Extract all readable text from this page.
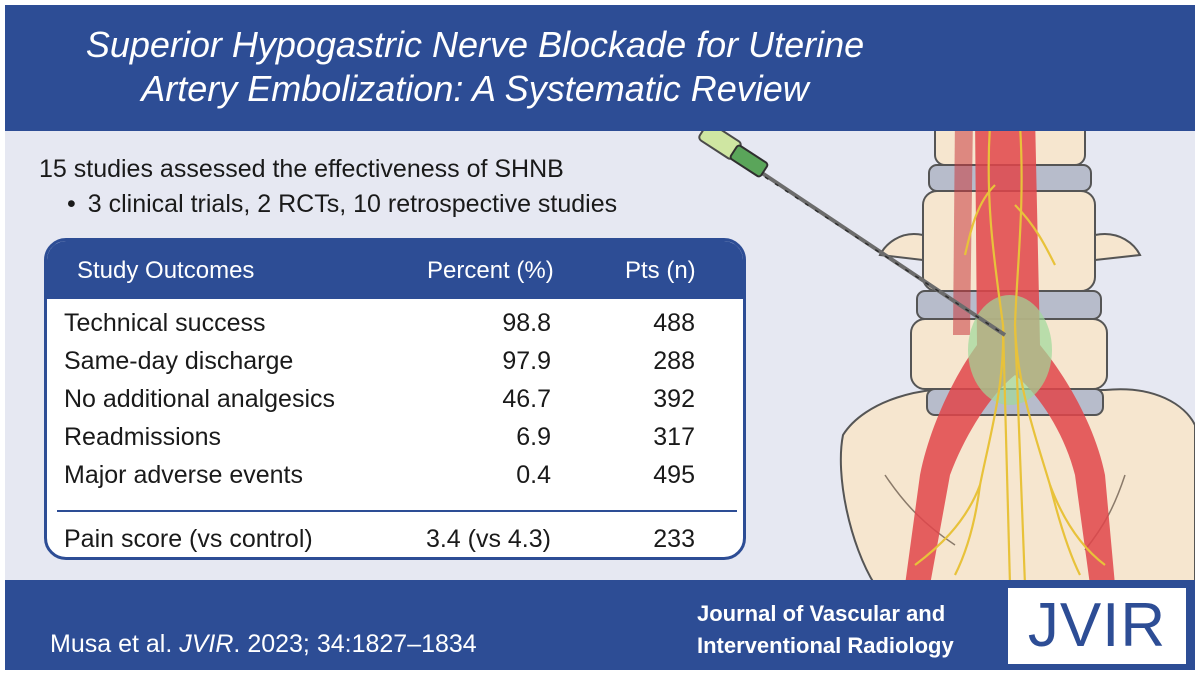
Superior Hypogastric Nerve Blockade for Uterine Artery Embolization: A Systematic Review
15 studies assessed the effectiveness of SHNB
• 3 clinical trials, 2 RCTs, 10 retrospective studies
Study Outcomes	Percent (%)	Pts (n)
Technical success	98.8	488
Same-day discharge	97.9	288
No additional analgesics	46.7	392
Readmissions	6.9	317
Major adverse events	0.4	495
Pain score (vs control)	3.4 (vs 4.3)	233
Musa et al. JVIR. 2023; 34:1827–1834
Journal of Vascular and
Interventional Radiology	JVIR
